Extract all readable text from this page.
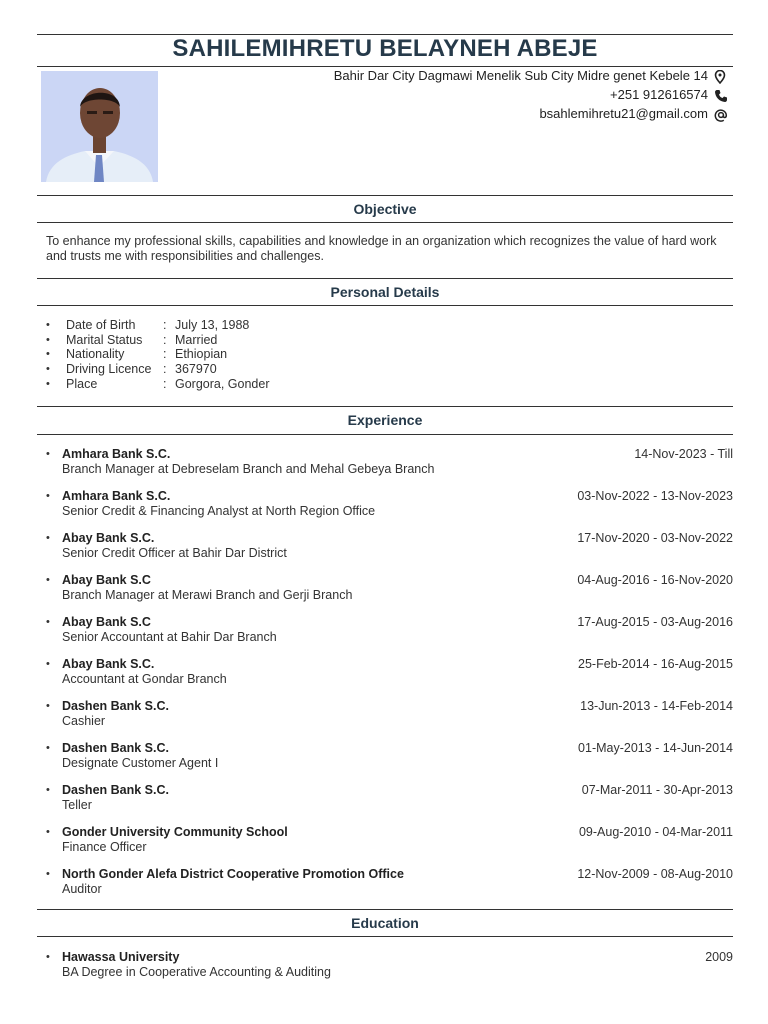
SAHILEMIHRETU BELAYNEH ABEJE
Bahir Dar City Dagmawi Menelik Sub City Midre genet Kebele 14
+251 912616574
bsahlemihretu21@gmail.com
Objective
To enhance my professional skills, capabilities and knowledge in an organization which recognizes the value of hard work and trusts me with responsibilities and challenges.
Personal Details
• Date of Birth : July 13, 1988
• Marital Status : Married
• Nationality	: Ethiopian
• Driving Licence : 367970
• Place	: Gorgora, Gonder
Experience
• Amhara Bank S.C.
Branch Manager at Debreselam Branch and Mehal Gebeya Branch
14-Nov-2023 - Till
• Amhara Bank S.C.
Senior Credit & Financing Analyst at North Region Office
03-Nov-2022 - 13-Nov-2023
• Abay Bank S.C.
Senior Credit Officer at Bahir Dar District
17-Nov-2020 - 03-Nov-2022
• Abay Bank S.C
Branch Manager at Merawi Branch and Gerji Branch
04-Aug-2016 - 16-Nov-2020
• Abay Bank S.C
Senior Accountant at Bahir Dar Branch
17-Aug-2015 - 03-Aug-2016
• Abay Bank S.C.
Accountant at Gondar Branch
25-Feb-2014 - 16-Aug-2015
• Dashen Bank S.C.
Cashier
13-Jun-2013 - 14-Feb-2014
• Dashen Bank S.C.
Designate Customer Agent I
01-May-2013 - 14-Jun-2014
• Dashen Bank S.C.
Teller
07-Mar-2011 - 30-Apr-2013
• Gonder University Community School
Finance Officer
09-Aug-2010 - 04-Mar-2011
• North Gonder Alefa District Cooperative Promotion Office
Auditor
12-Nov-2009 - 08-Aug-2010
Education
• Hawassa University
BA Degree in Cooperative Accounting & Auditing
2009
